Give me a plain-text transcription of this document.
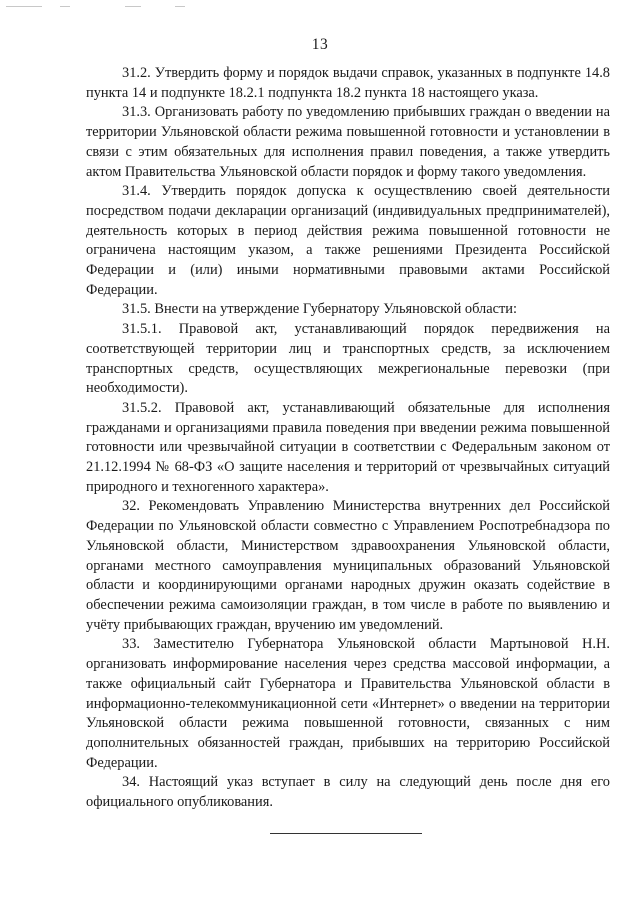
13

31.2. Утвердить форму и порядок выдачи справок, указанных в подпункте 14.8 пункта 14 и подпункте 18.2.1 подпункта 18.2 пункта 18 настоящего указа.

31.3. Организовать работу по уведомлению прибывших граждан о введении на территории Ульяновской области режима повышенной готовности и установлении в связи с этим обязательных для исполнения правил поведения, а также утвердить актом Правительства Ульяновской области порядок и форму такого уведомления.

31.4. Утвердить порядок допуска к осуществлению своей деятельности посредством подачи декларации организаций (индивидуальных предпринимателей), деятельность которых в период действия режима повышенной готовности не ограничена настоящим указом, а также решениями Президента Российской Федерации и (или) иными нормативными правовыми актами Российской Федерации.

31.5. Внести на утверждение Губернатору Ульяновской области:

31.5.1. Правовой акт, устанавливающий порядок передвижения на соответствующей территории лиц и транспортных средств, за исключением транспортных средств, осуществляющих межрегиональные перевозки (при необходимости).

31.5.2. Правовой акт, устанавливающий обязательные для исполнения гражданами и организациями правила поведения при введении режима повышенной готовности или чрезвычайной ситуации в соответствии с Федеральным законом от 21.12.1994 № 68-ФЗ «О защите населения и территорий от чрезвычайных ситуаций природного и техногенного характера».

32. Рекомендовать Управлению Министерства внутренних дел Российской Федерации по Ульяновской области совместно с Управлением Роспотребнадзора по Ульяновской области, Министерством здравоохранения Ульяновской области, органами местного самоуправления муниципальных образований Ульяновской области и координирующими органами народных дружин оказать содействие в обеспечении режима самоизоляции граждан, в том числе в работе по выявлению и учёту прибывающих граждан, вручению им уведомлений.

33. Заместителю Губернатора Ульяновской области Мартыновой Н.Н. организовать информирование населения через средства массовой информации, а также официальный сайт Губернатора и Правительства Ульяновской области в информационно-телекоммуникационной сети «Интернет» о введении на территории Ульяновской области режима повышенной готовности, связанных с ним дополнительных обязанностей граждан, прибывших на территорию Российской Федерации.

34. Настоящий указ вступает в силу на следующий день после дня его официального опубликования.
